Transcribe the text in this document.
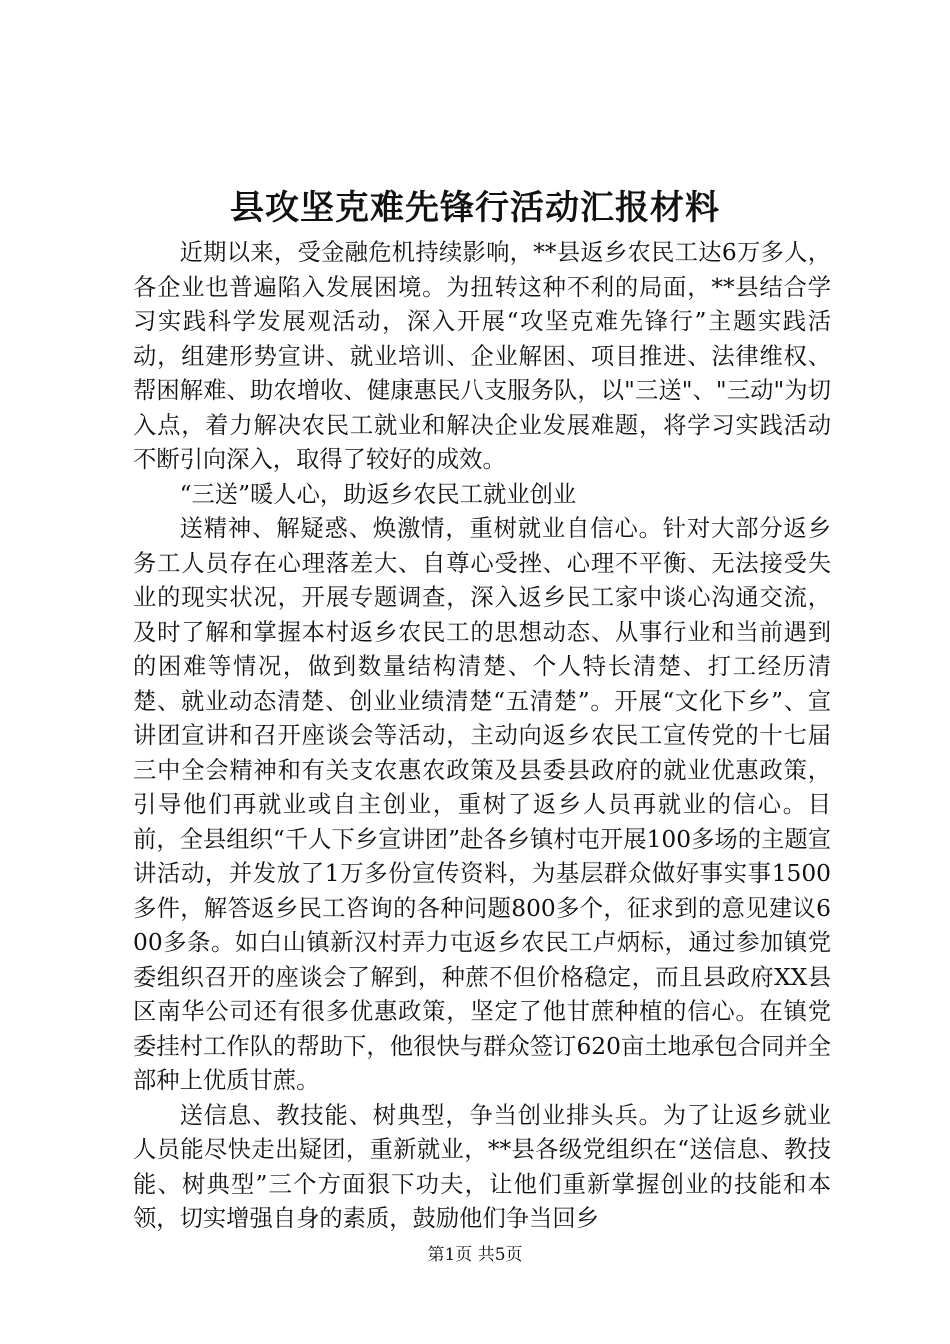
县攻坚克难先锋行活动汇报材料

近期以来，受金融危机持续影响，**县返乡农民工达6万多人，各企业也普遍陷入发展困境。为扭转这种不利的局面，**县结合学习实践科学发展观活动，深入开展“攻坚克难先锋行”主题实践活动，组建形势宣讲、就业培训、企业解困、项目推进、法律维权、帮困解难、助农增收、健康惠民八支服务队，以"三送"、"三动"为切入点，着力解决农民工就业和解决企业发展难题，将学习实践活动不断引向深入，取得了较好的成效。

“三送”暖人心，助返乡农民工就业创业

送精神、解疑惑、焕激情，重树就业自信心。针对大部分返乡务工人员存在心理落差大、自尊心受挫、心理不平衡、无法接受失业的现实状况，开展专题调查，深入返乡民工家中谈心沟通交流，及时了解和掌握本村返乡农民工的思想动态、从事行业和当前遇到的困难等情况，做到数量结构清楚、个人特长清楚、打工经历清楚、就业动态清楚、创业业绩清楚“五清楚”。开展“文化下乡”、宣讲团宣讲和召开座谈会等活动，主动向返乡农民工宣传党的十七届三中全会精神和有关支农惠农政策及县委县政府的就业优惠政策，引导他们再就业或自主创业，重树了返乡人员再就业的信心。目前，全县组织“千人下乡宣讲团”赴各乡镇村屯开展100多场的主题宣讲活动，并发放了1万多份宣传资料，为基层群众做好事实事1500多件，解答返乡民工咨询的各种问题800多个，征求到的意见建议600多条。如白山镇新汉村弄力屯返乡农民工卢炳标，通过参加镇党委组织召开的座谈会了解到，种蔗不但价格稳定，而且县政府XX县区南华公司还有很多优惠政策，坚定了他甘蔗种植的信心。在镇党委挂村工作队的帮助下，他很快与群众签订620亩土地承包合同并全部种上优质甘蔗。

送信息、教技能、树典型，争当创业排头兵。为了让返乡就业人员能尽快走出疑团，重新就业，**县各级党组织在“送信息、教技能、树典型”三个方面狠下功夫，让他们重新掌握创业的技能和本领，切实增强自身的素质，鼓励他们争当回乡

第1页 共5页
